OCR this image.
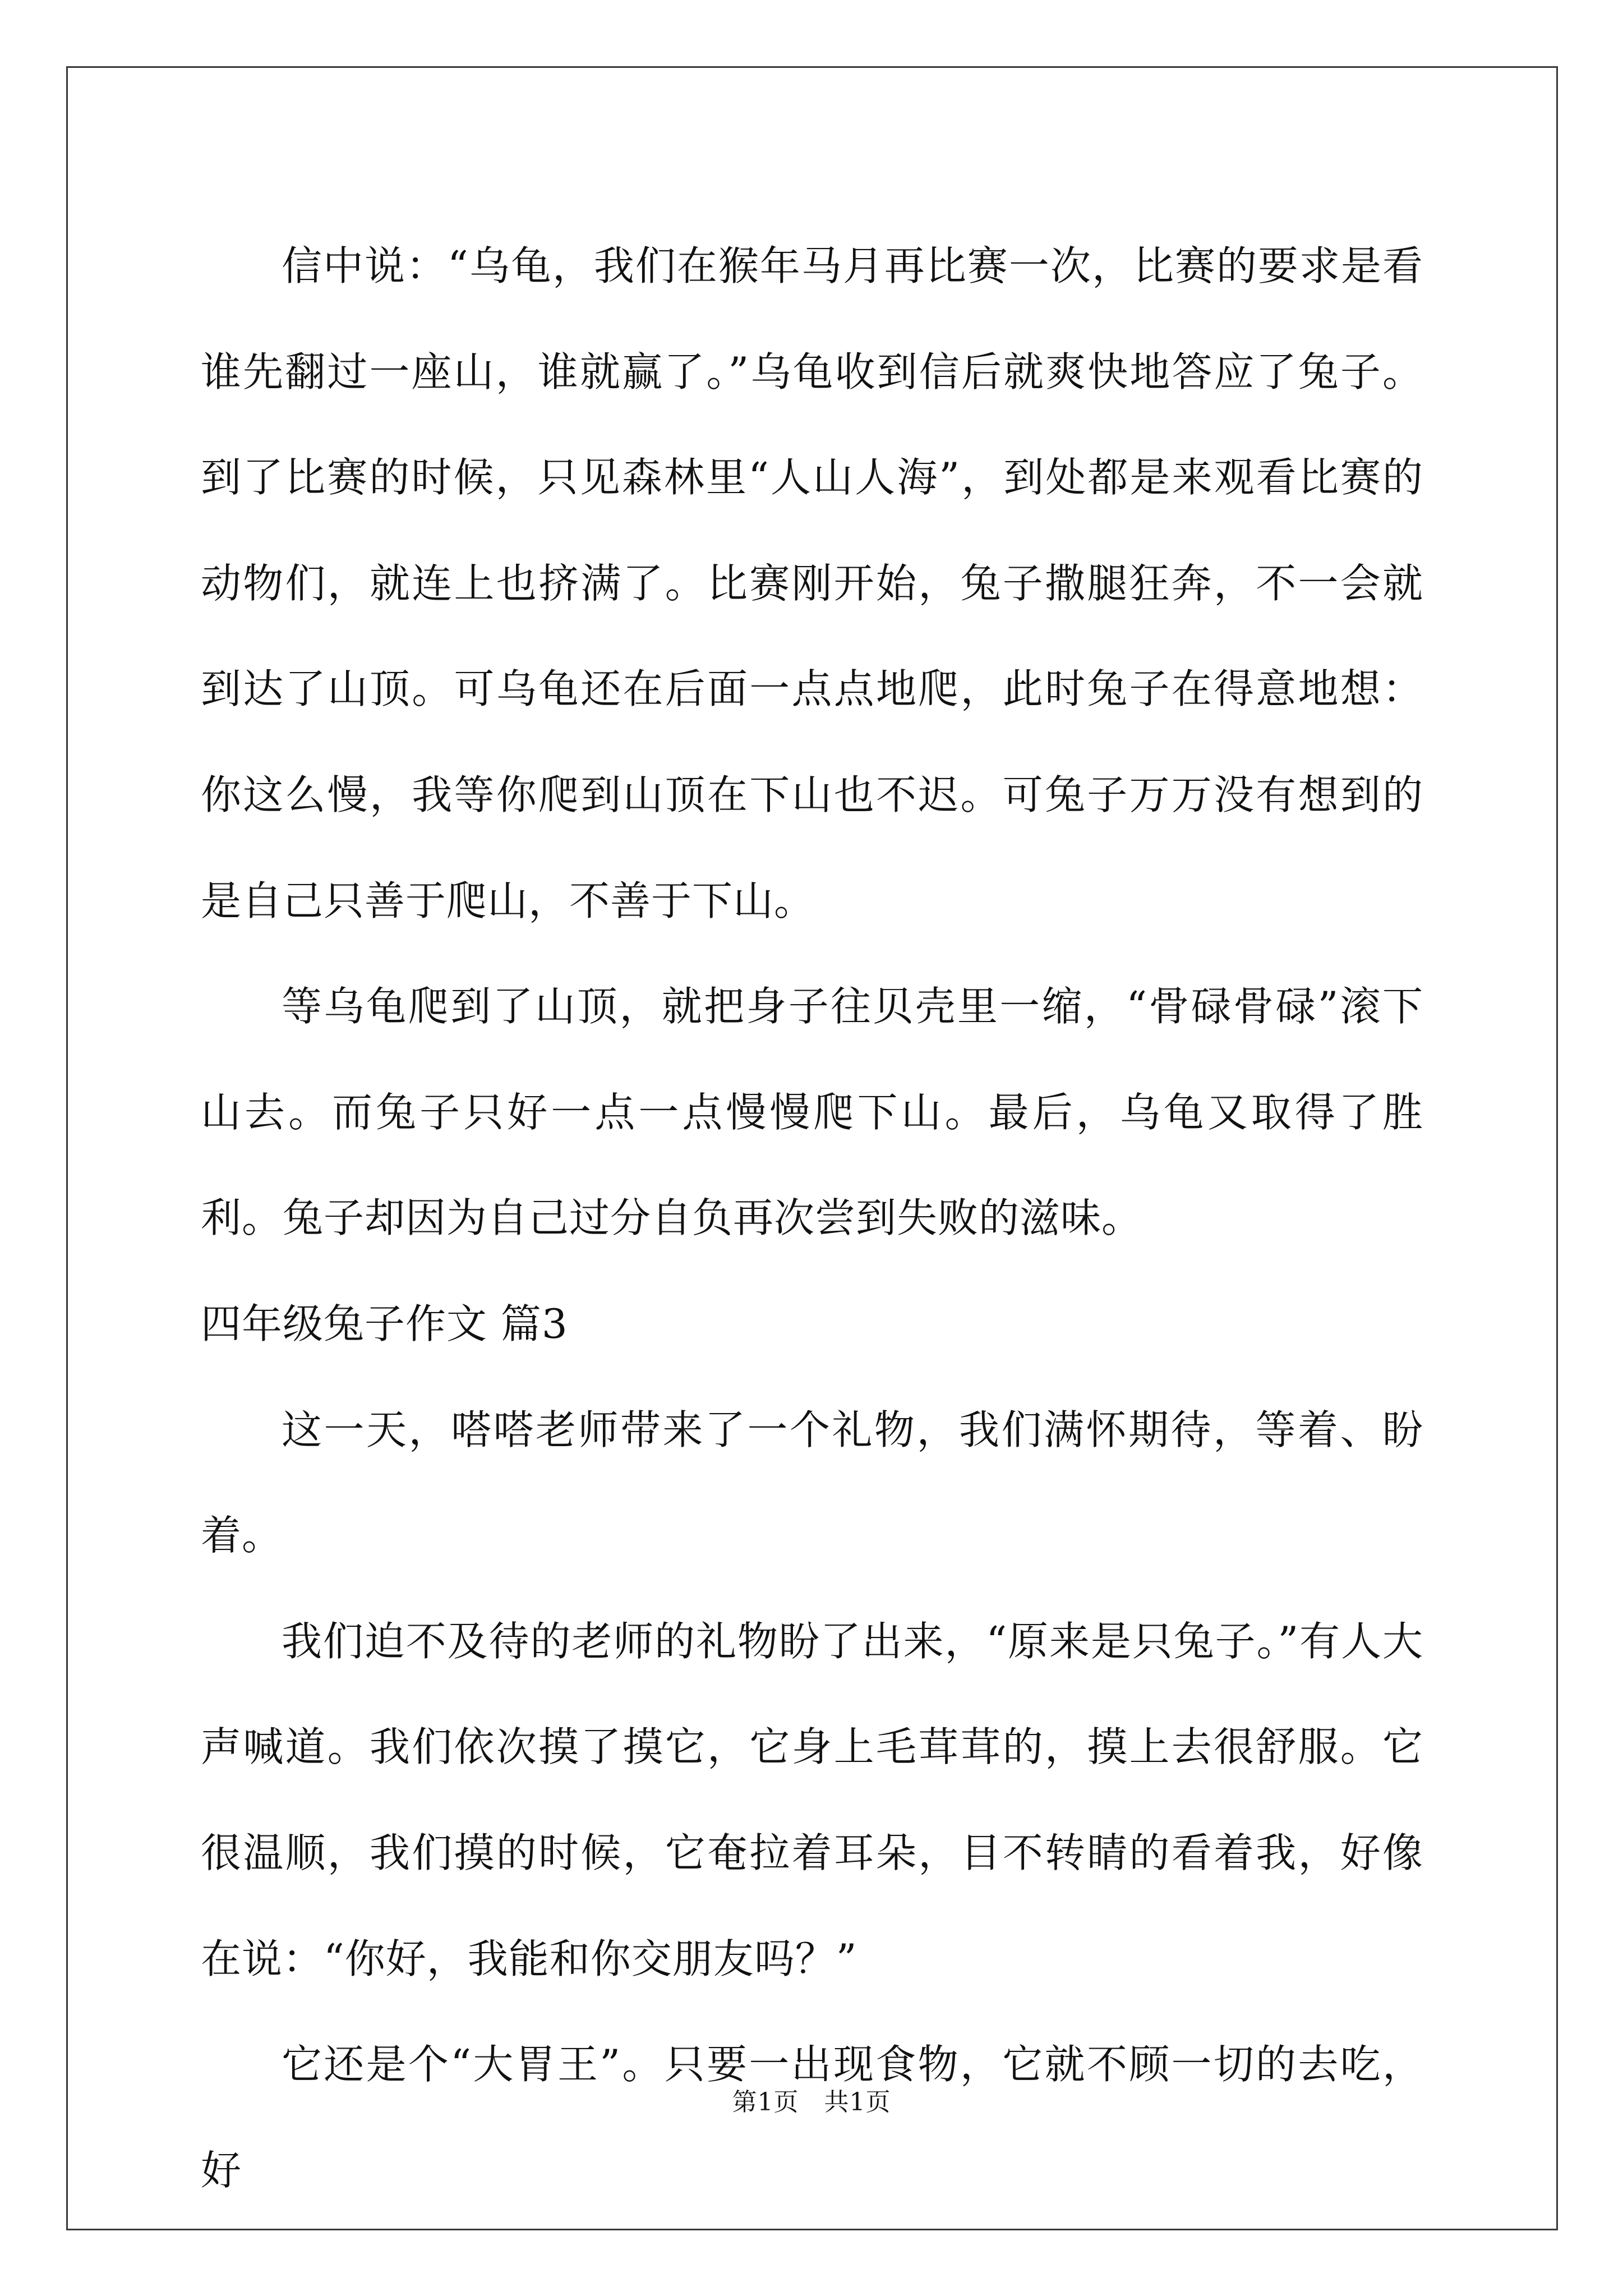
信中说：“乌龟，我们在猴年马月再比赛一次，比赛的要求是看谁先翻过一座山，谁就赢了。”乌龟收到信后就爽快地答应了兔子。到了比赛的时候，只见森林里“人山人海”，到处都是来观看比赛的动物们，就连上也挤满了。比赛刚开始，兔子撒腿狂奔，不一会就到达了山顶。可乌龟还在后面一点点地爬，此时兔子在得意地想：你这么慢，我等你爬到山顶在下山也不迟。可兔子万万没有想到的是自己只善于爬山，不善于下山。

等乌龟爬到了山顶，就把身子往贝壳里一缩，“骨碌骨碌”滚下山去。而兔子只好一点一点慢慢爬下山。最后，乌龟又取得了胜利。兔子却因为自己过分自负再次尝到失败的滋味。

四年级兔子作文 篇3

这一天，嗒嗒老师带来了一个礼物，我们满怀期待，等着、盼着。

我们迫不及待的老师的礼物盼了出来，“原来是只兔子。”有人大声喊道。我们依次摸了摸它，它身上毛茸茸的，摸上去很舒服。它很温顺，我们摸的时候，它奄拉着耳朵，目不转睛的看着我，好像在说：“你好，我能和你交朋友吗？”

它还是个“大胃王”。只要一出现食物，它就不顾一切的去吃，好

第1页　共1页
